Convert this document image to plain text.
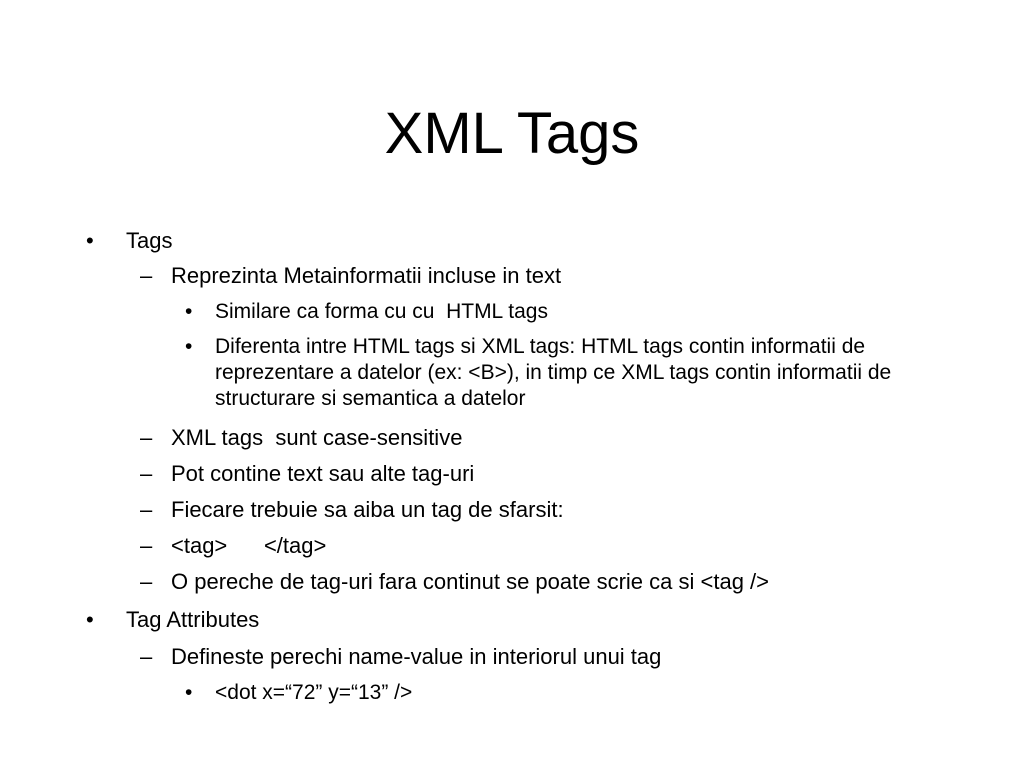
XML Tags

•

Tags

–

Reprezinta Metainformatii incluse in text

•

Similare ca forma cu cu  HTML tags

•

Diferenta intre HTML tags si XML tags: HTML tags contin informatii de reprezentare a datelor (ex: <B>), in timp ce XML tags contin informatii de structurare si semantica a datelor

–

XML tags  sunt case-sensitive

–

Pot contine text sau alte tag-uri

–

Fiecare trebuie sa aiba un tag de sfarsit:

–

<tag>      </tag>

–

O pereche de tag-uri fara continut se poate scrie ca si <tag />

•

Tag Attributes

–

Defineste perechi name-value in interiorul unui tag

•

<dot x=“72” y=“13” />
